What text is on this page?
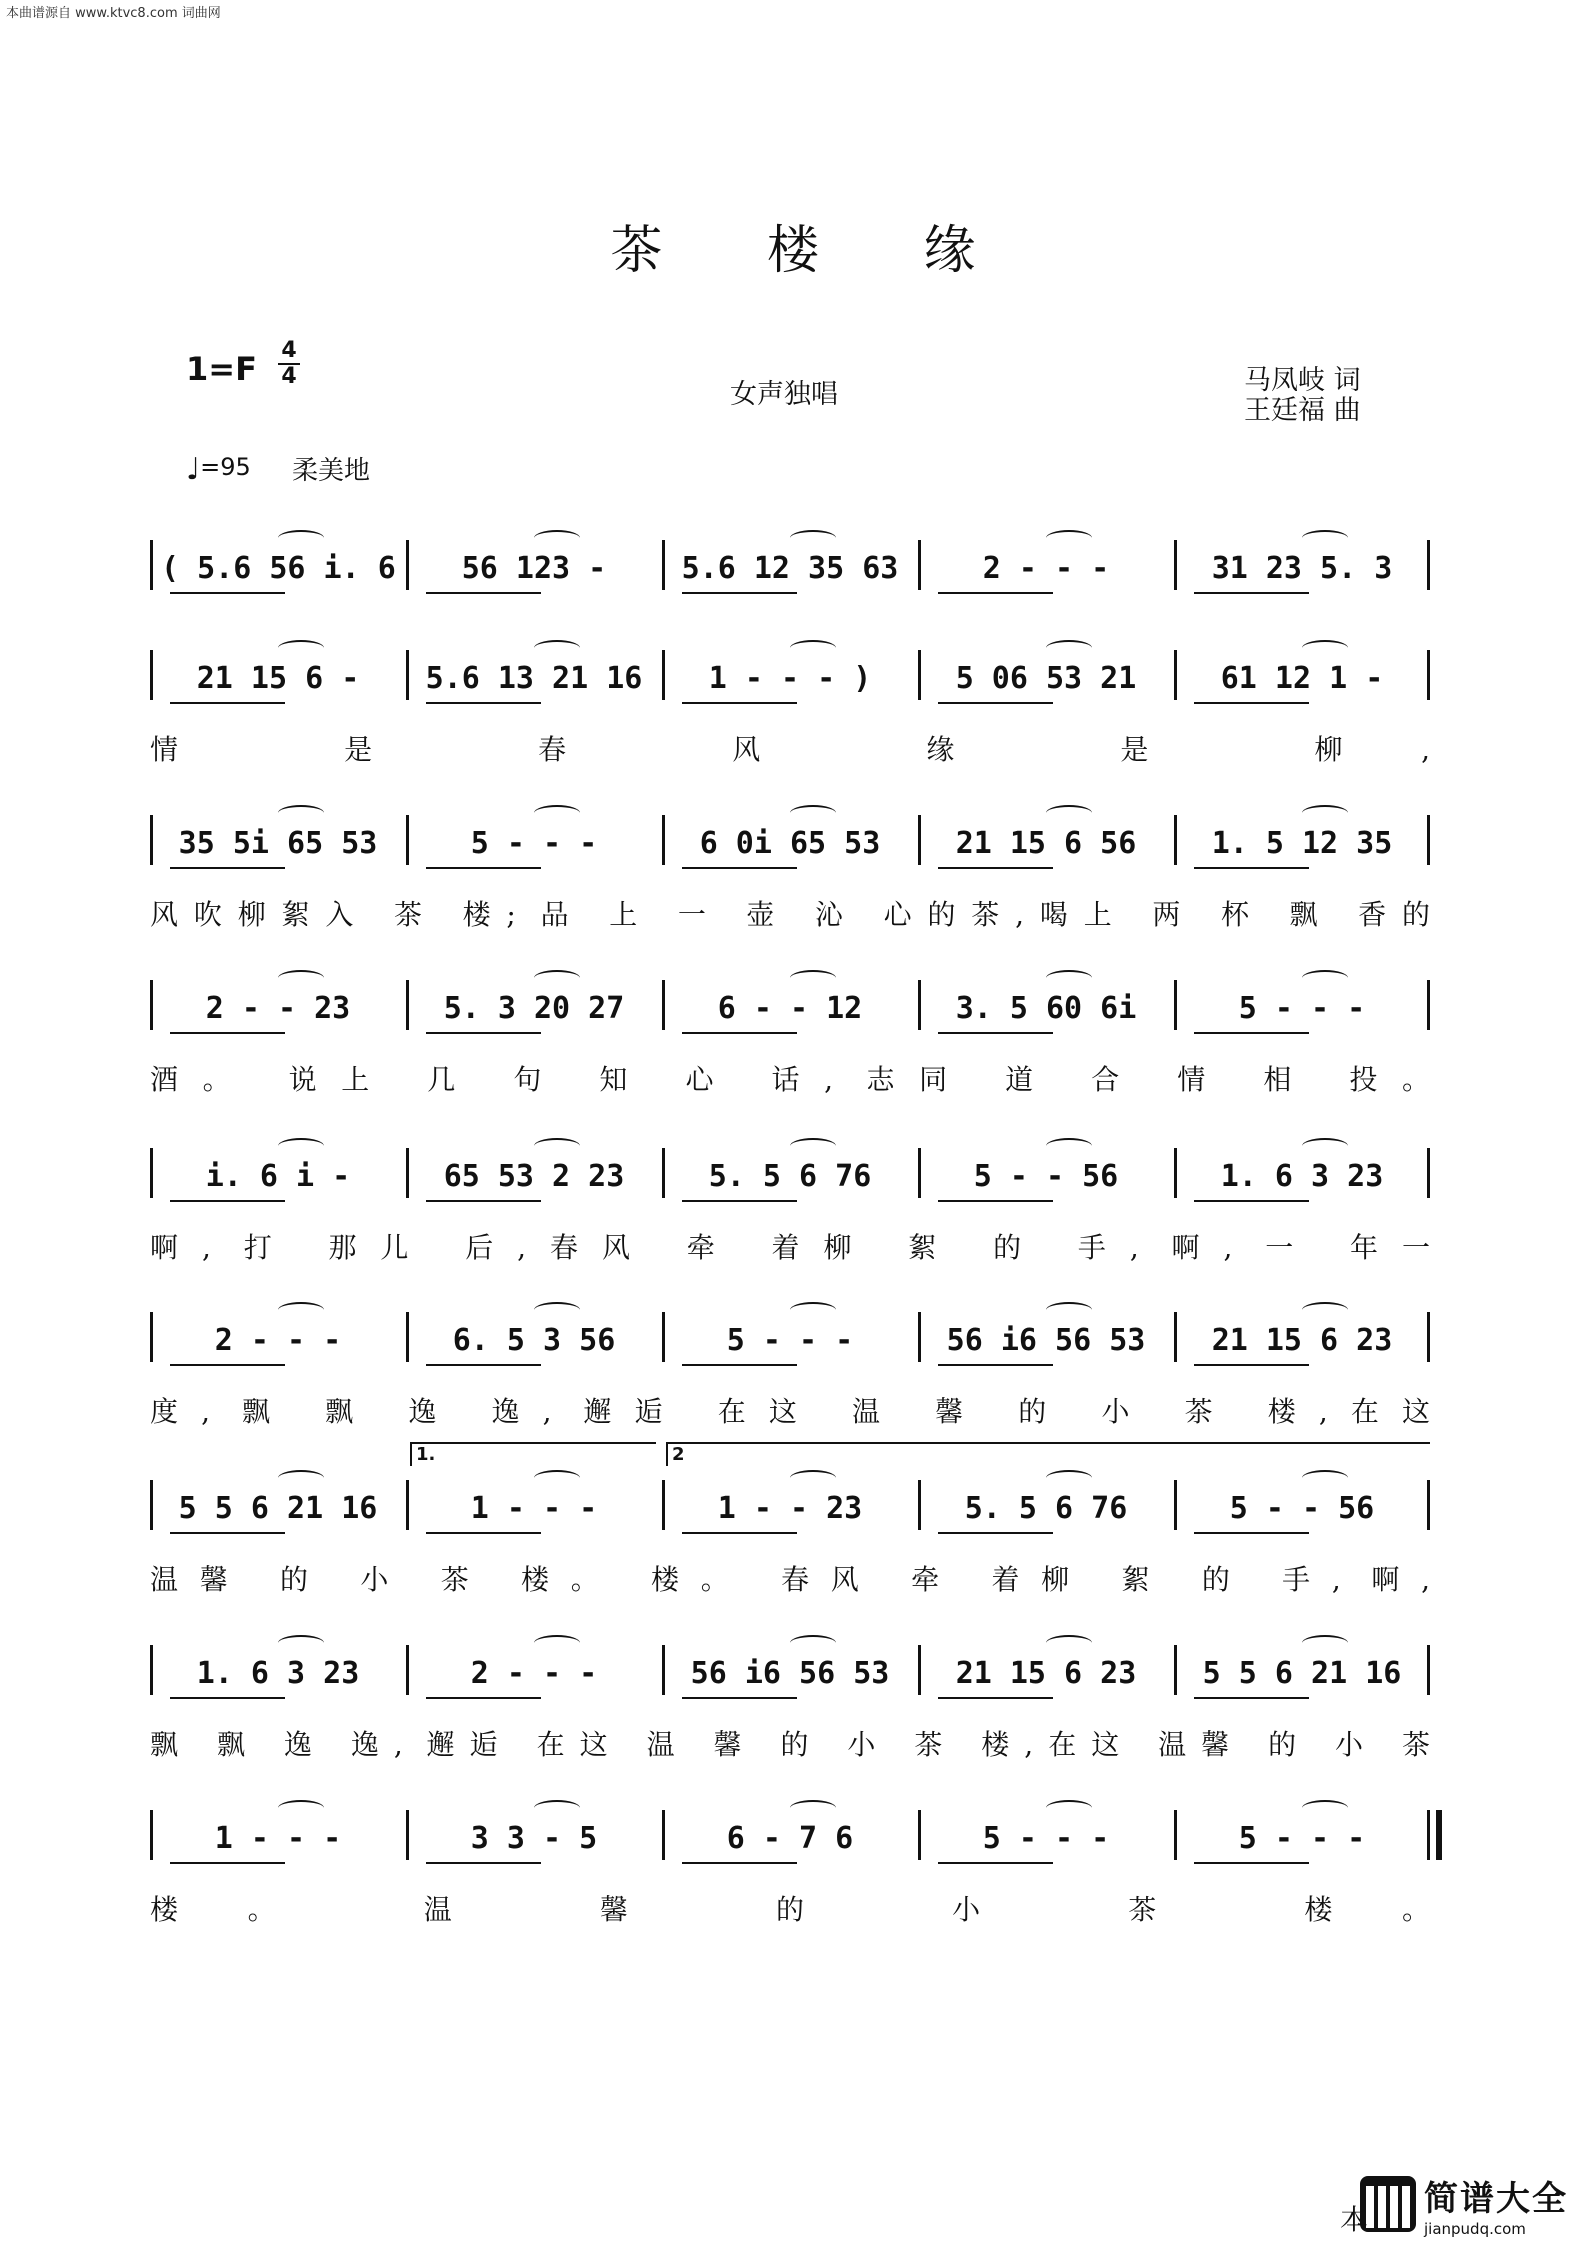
本曲谱源自 www.ktvc8.com 词曲网
茶 楼 缘
1=F 4
4
女声独唱	马凤岐 词
王廷福 曲
♩=95 柔美地
( 5.6 56 i. 6 56 123 -	5.6 12 35 63	2 - - -	31 23 5. 3
21 15 6 - 5.6 13 21 16 1 - - - )	5 06 53 21	61 12 1 -
情 是 春 风 缘 是 柳,
35 5i 65 53	5 - - -	6 0i 65 53	21 15 6 56	1. 5 12 35
风吹柳絮入 茶 楼; 品 上 一 壶 沁 心的茶,喝上 两 杯 飘 香的
2 - - 23	5. 3 20 27	6 - - 12	3. 5 60 6i	5 - - -
酒。 说上 几 句 知 心 话, 志同 道 合 情 相 投。
i. 6 i -	65 53 2 23	5. 5 6 76	5 - - 56	1. 6 3 23
啊, 打 那儿 后,春风 牵 着柳 絮 的 手, 啊, 一 年一
2 - - -	6. 5 3 56	5 - - -	56 i6 56 53 21 15 6 23
度, 飘 飘 逸 逸, 邂逅 在这 温 馨 的 小 茶 楼,在这
5 5 6 21 16	1 - - -	1 - - 23	5. 5 6 76	5 - - 56
1.	2
温馨 的 小 茶 楼。 楼。 春风 牵 着柳 絮 的 手, 啊,
1. 6 3 23	2 - - -	56 i6 56 53 21 15 6 23 5 5 6 21 16
飘 飘 逸 逸, 邂逅 在这 温 馨 的 小 茶 楼,在这 温馨 的 小 茶
1 - - -	3 3 - 5	6 - 7 6	5 - - -	5 - - -
楼。 温 馨 的 小 茶 楼。
简谱大全
jianpudq.com
本
